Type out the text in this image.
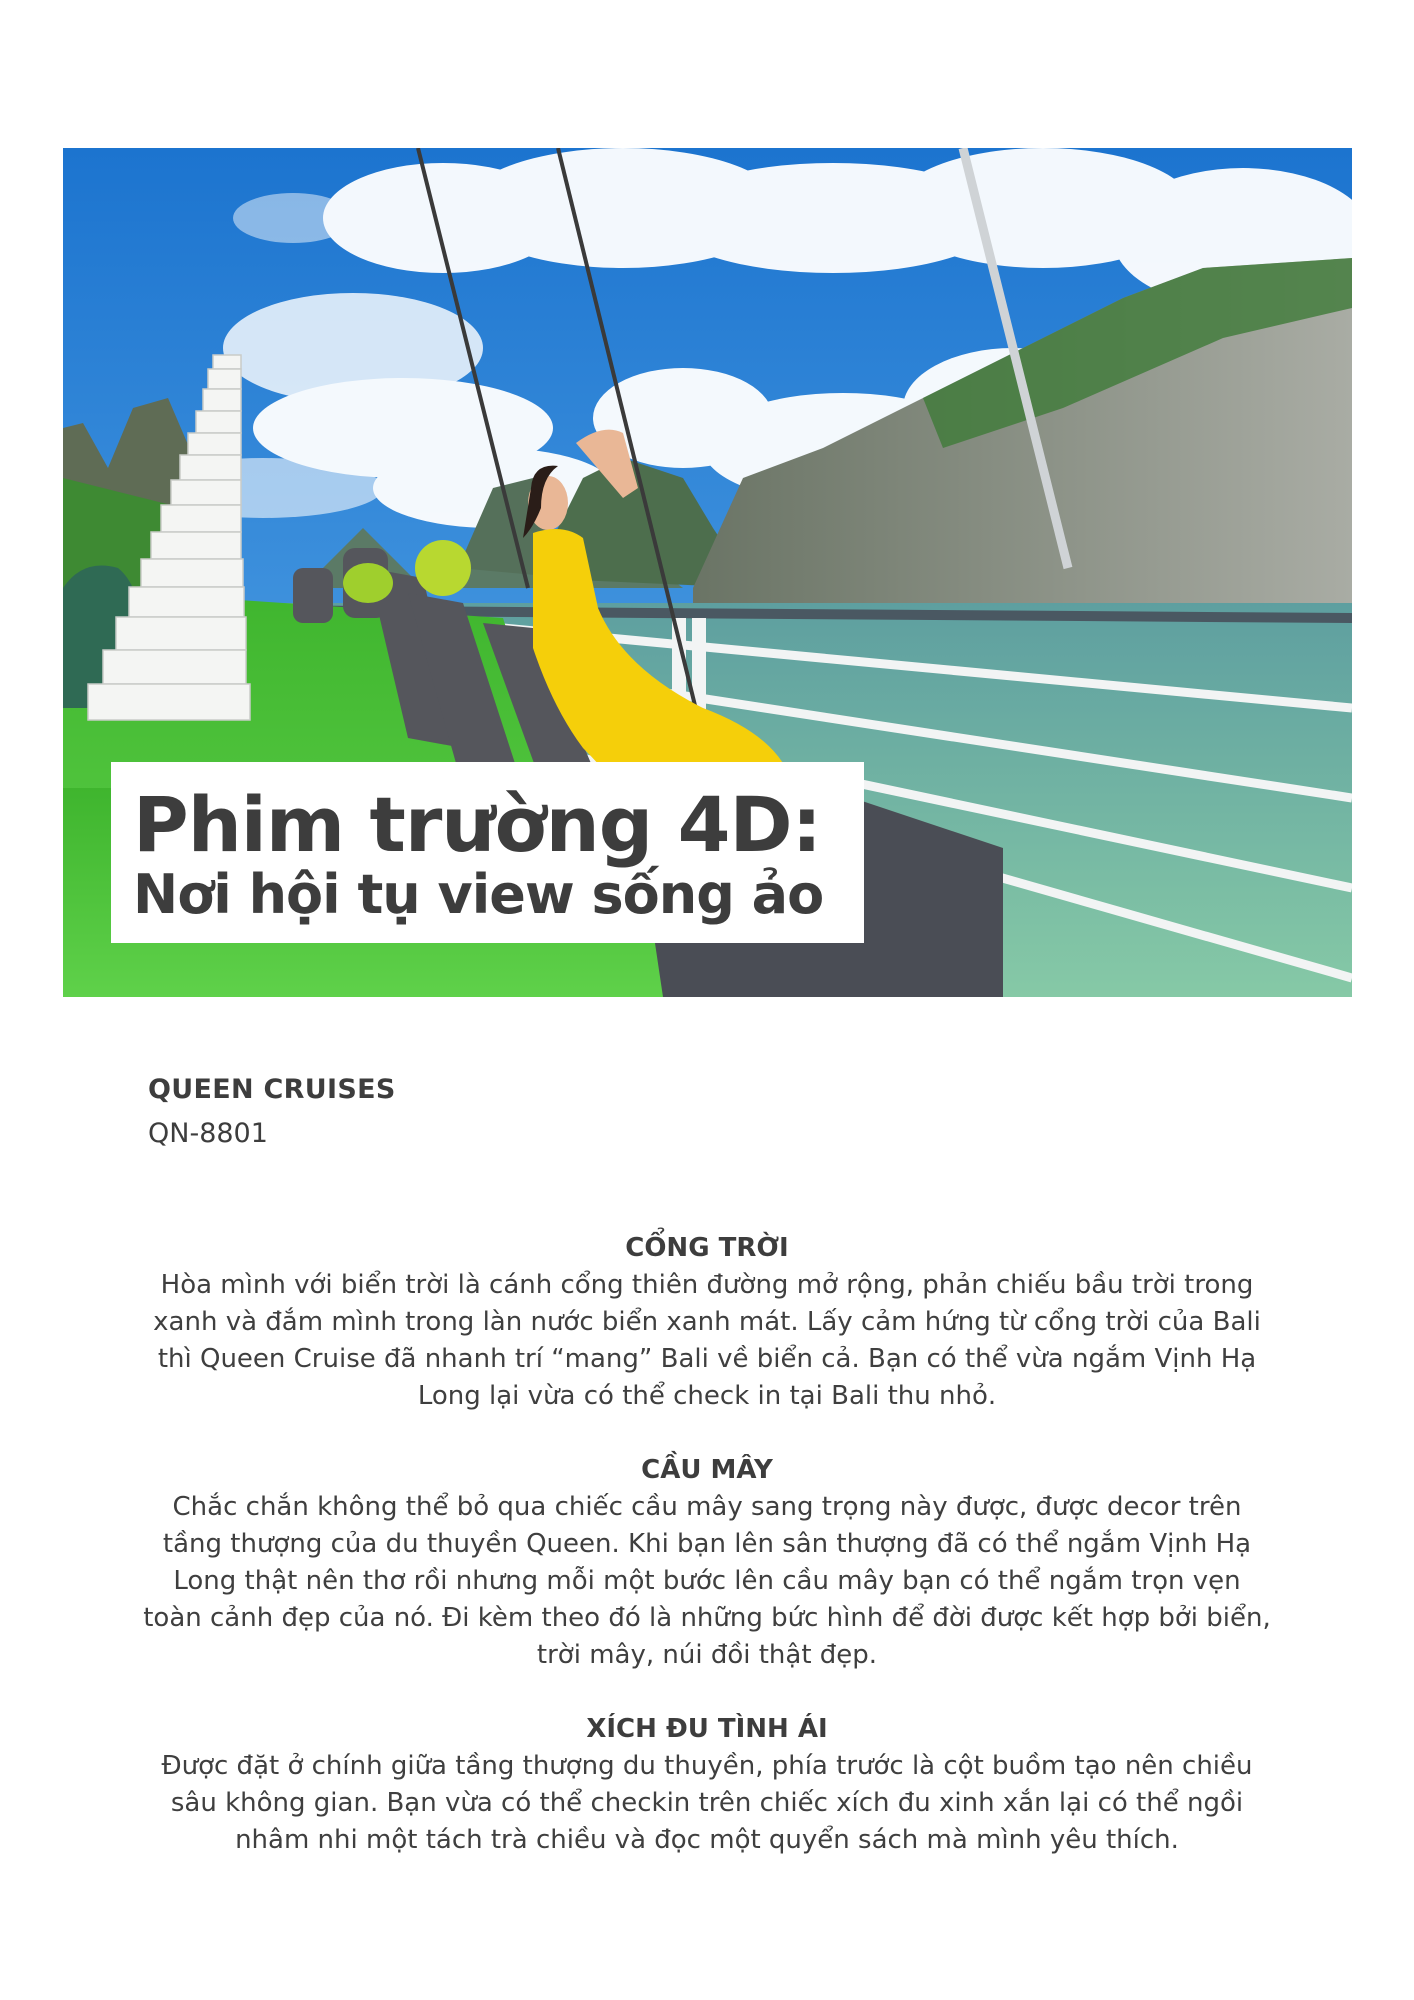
Phim trường 4D:
Nơi hội tụ view sống ảo
QUEEN CRUISES
QN-8801
CỔNG TRỜI

Hòa mình với biển trời là cánh cổng thiên đường mở rộng, phản chiếu bầu trời trong xanh và đắm mình trong làn nước biển xanh mát. Lấy cảm hứng từ cổng trời của Bali thì Queen Cruise đã nhanh trí “mang” Bali về biển cả. Bạn có thể vừa ngắm Vịnh Hạ Long lại vừa có thể check in tại Bali thu nhỏ.

CẦU MÂY

Chắc chắn không thể bỏ qua chiếc cầu mây sang trọng này được, được decor trên tầng thượng của du thuyền Queen. Khi bạn lên sân thượng đã có thể ngắm Vịnh Hạ Long thật nên thơ rồi nhưng mỗi một bước lên cầu mây bạn có thể ngắm trọn vẹn toàn cảnh đẹp của nó. Đi kèm theo đó là những bức hình để đời được kết hợp bởi biển, trời mây, núi đồi thật đẹp.

XÍCH ĐU TÌNH ÁI

Được đặt ở chính giữa tầng thượng du thuyền, phía trước là cột buồm tạo nên chiều sâu không gian. Bạn vừa có thể checkin trên chiếc xích đu xinh xắn lại có thể ngồi nhâm nhi một tách trà chiều và đọc một quyển sách mà mình yêu thích.
